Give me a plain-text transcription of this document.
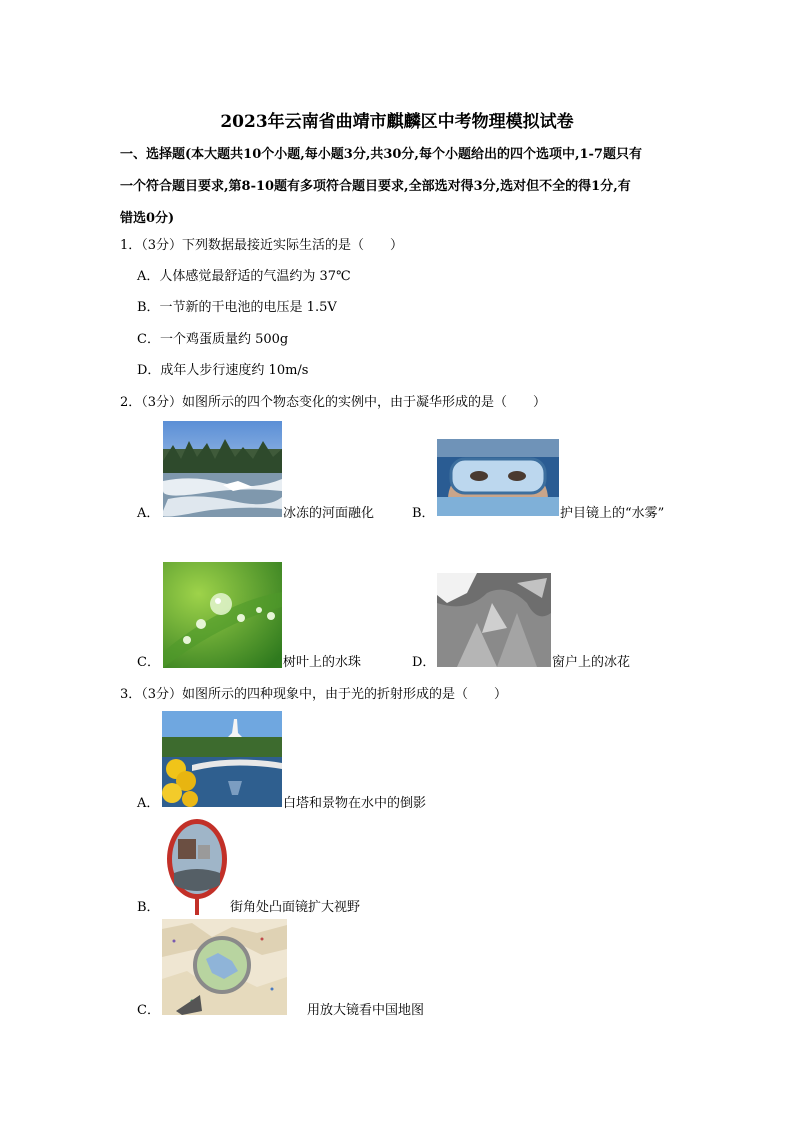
2023年云南省曲靖市麒麟区中考物理模拟试卷
一、选择题(本大题共10个小题,每小题3分,共30分,每个小题给出的四个选项中,1-7题只有
一个符合题目要求,第8-10题有多项符合题目要求,全部选对得3分,选对但不全的得1分,有
错选0分)
1．（3分）下列数据最接近实际生活的是（　　）
A．人体感觉最舒适的气温约为 37℃
B．一节新的干电池的电压是 1.5V
C．一个鸡蛋质量约 500g
D．成年人步行速度约 10m/s
2．（3分）如图所示的四个物态变化的实例中，由于凝华形成的是（　　）
A．	冰冻的河面融化	B．	护目镜上的“水雾”
C．	树叶上的水珠	D．	窗户上的冰花
3．（3分）如图所示的四种现象中，由于光的折射形成的是（　　）
A．	白塔和景物在水中的倒影
B．	街角处凸面镜扩大视野
C．	用放大镜看中国地图
